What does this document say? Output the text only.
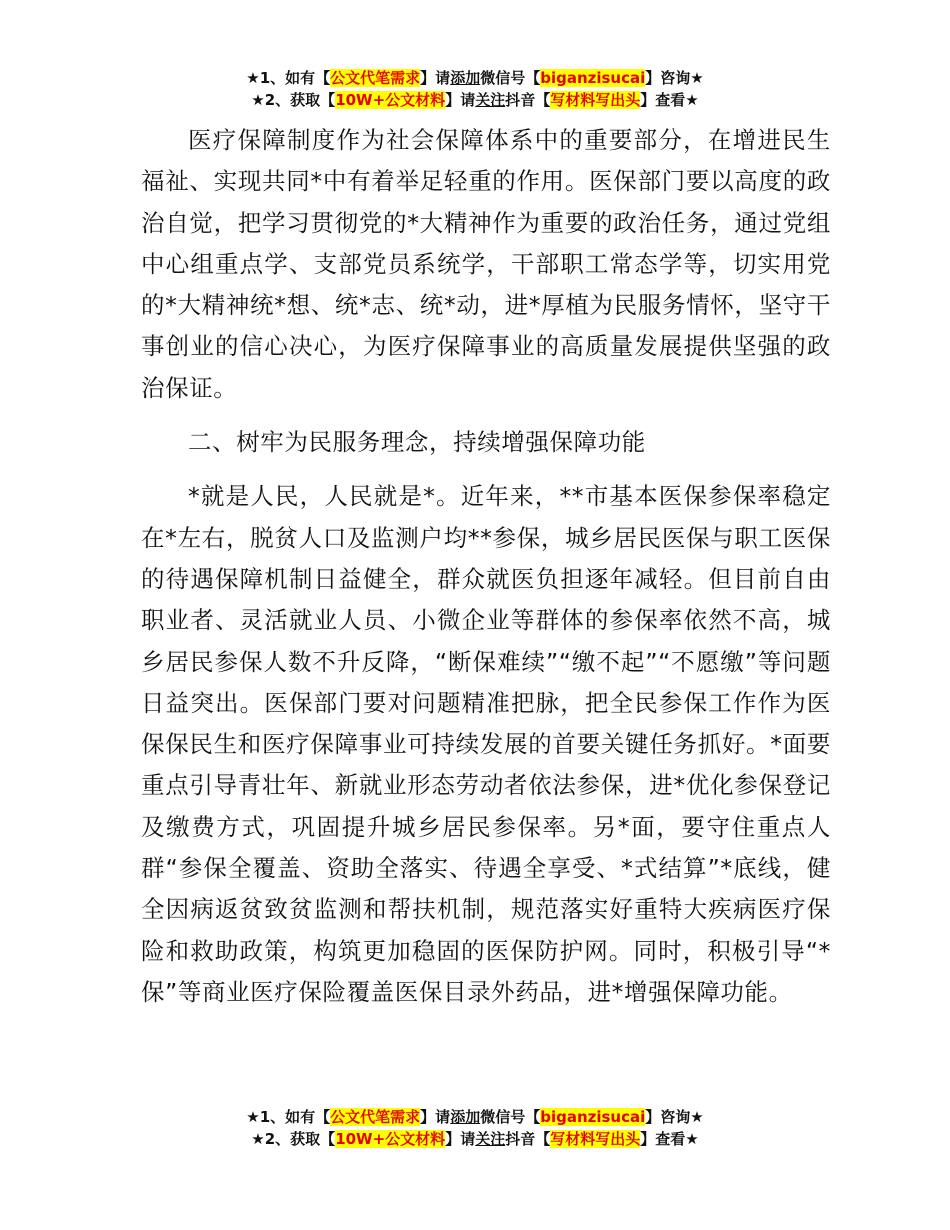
★1、如有【公文代笔需求】请添加微信号【biganzisucai】咨询★
★2、获取【10W+公文材料】请关注抖音【写材料写出头】查看★

医疗保障制度作为社会保障体系中的重要部分，在增进民生福祉、实现共同*中有着举足轻重的作用。医保部门要以高度的政治自觉，把学习贯彻党的*大精神作为重要的政治任务，通过党组中心组重点学、支部党员系统学，干部职工常态学等，切实用党的*大精神统*想、统*志、统*动，进*厚植为民服务情怀，坚守干事创业的信心决心，为医疗保障事业的高质量发展提供坚强的政治保证。

二、树牢为民服务理念，持续增强保障功能

*就是人民，人民就是*。近年来，**市基本医保参保率稳定在*左右，脱贫人口及监测户均**参保，城乡居民医保与职工医保的待遇保障机制日益健全，群众就医负担逐年减轻。但目前自由职业者、灵活就业人员、小微企业等群体的参保率依然不高，城乡居民参保人数不升反降，“断保难续”“缴不起”“不愿缴”等问题日益突出。医保部门要对问题精准把脉，把全民参保工作作为医保保民生和医疗保障事业可持续发展的首要关键任务抓好。*面要重点引导青壮年、新就业形态劳动者依法参保，进*优化参保登记及缴费方式，巩固提升城乡居民参保率。另*面，要守住重点人群“参保全覆盖、资助全落实、待遇全享受、*式结算”*底线，健全因病返贫致贫监测和帮扶机制，规范落实好重特大疾病医疗保险和救助政策，构筑更加稳固的医保防护网。同时，积极引导“*保”等商业医疗保险覆盖医保目录外药品，进*增强保障功能。

★1、如有【公文代笔需求】请添加微信号【biganzisucai】咨询★
★2、获取【10W+公文材料】请关注抖音【写材料写出头】查看★
